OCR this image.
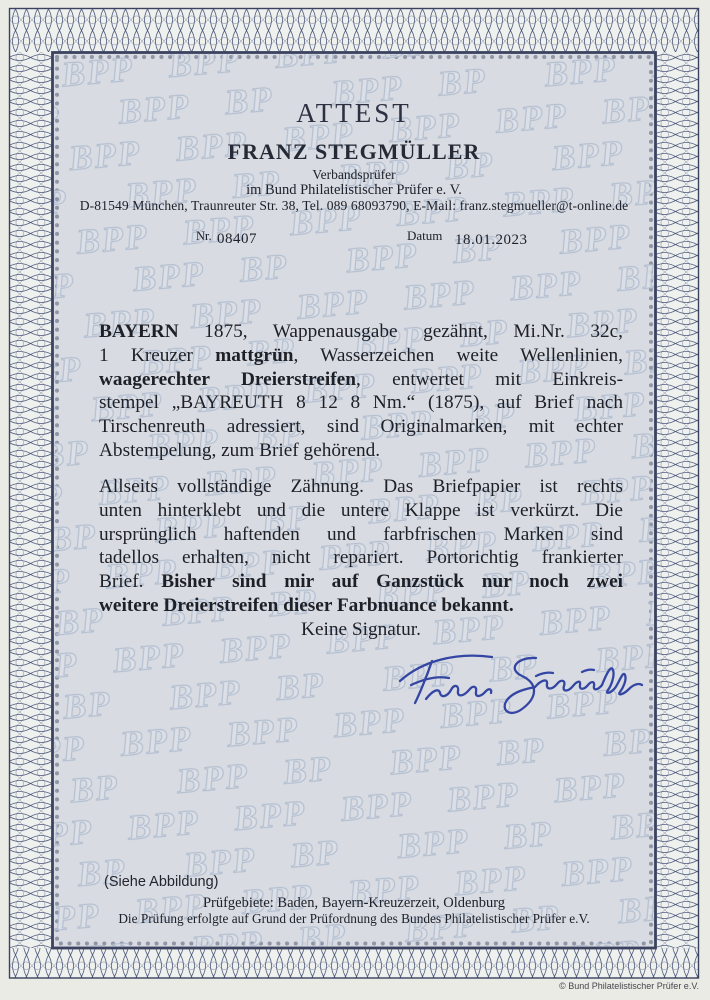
ATTEST
FRANZ STEGMÜLLER
Verbandsprüfer
im Bund Philatelistischer Prüfer e. V.
D-81549 München, Traunreuter Str. 38, Tel. 089 68093790, E-Mail: franz.stegmueller@t-online.de
Nr. 08407	Datum 18.01.2023
BAYERN 1875, Wappenausgabe gezähnt, Mi.Nr. 32c,
1 Kreuzer mattgrün, Wasserzeichen weite Wellenlinien,
waagerechter Dreierstreifen, entwertet mit Einkreis-
stempel „BAYREUTH 8 12 8 Nm.“ (1875), auf Brief nach
Tirschenreuth adressiert, sind Originalmarken, mit echter
Abstempelung, zum Brief gehörend.
Allseits vollständige Zähnung. Das Briefpapier ist rechts
unten hinterklebt und die untere Klappe ist verkürzt. Die
ursprünglich haftenden und farbfrischen Marken sind
tadellos erhalten, nicht repariert. Portorichtig frankierter
Brief. Bisher sind mir auf Ganzstück nur noch zwei
weitere Dreierstreifen dieser Farbnuance bekannt.
Keine Signatur.
(Siehe Abbildung)
Prüfgebiete: Baden, Bayern-Kreuzerzeit, Oldenburg
Die Prüfung erfolgte auf Grund der Prüfordnung des Bundes Philatelistischer Prüfer e.V.
© Bund Philatelistischer Prüfer e.V.
